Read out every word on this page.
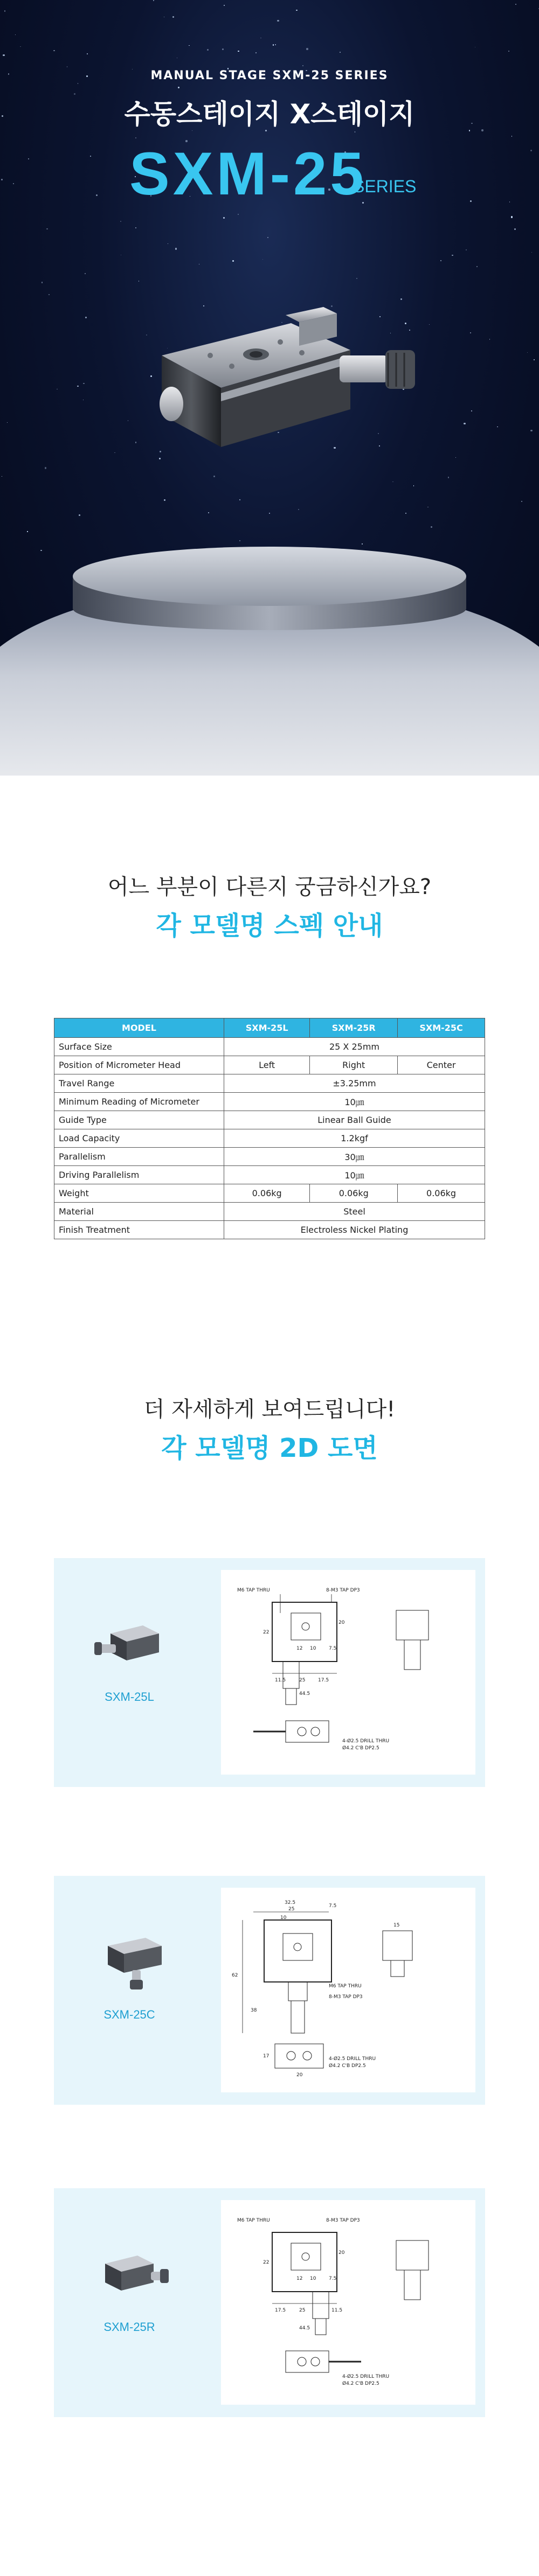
MANUAL STAGE SXM-25 SERIES
수동스테이지 X스테이지
SXM-25
SERIES
어느 부분이 다른지 궁금하신가요?
각 모델명 스펙 안내
MODEL	SXM-25L	SXM-25R	SXM-25C
Surface Size	25 X 25mm		
Position of Micrometer Head	Left	Right	Center
Travel Range	±3.25mm		
Minimum Reading of Micrometer	10㎛		
Guide Type	Linear Ball Guide		
Load Capacity	1.2kgf		
Parallelism	30㎛		
Driving Parallelism	10㎛		
Weight	0.06kg	0.06kg	0.06kg
Material	Steel		
Finish Treatment	Electroless Nickel Plating		
더 자세하게 보여드립니다!
각 모델명 2D 도면
SXM-25L
M6 TAP THRU	8-M3 TAP DP3
4-Ø2.5 DRILL THRU
Ø4.2 C'B DP2.5
25
44.5
12 10
17.5
11.5
7.5
20
22
SXM-25C
32.5
25
7.5
15
10
62
38
17
20
M6 TAP THRU
8-M3 TAP DP3
4-Ø2.5 DRILL THRU
Ø4.2 C'B DP2.5
SXM-25R
M6 TAP THRU	8-M3 TAP DP3
4-Ø2.5 DRILL THRU
Ø4.2 C'B DP2.5
25
44.5
12 10
17.5	11.5
7.5
20
22
